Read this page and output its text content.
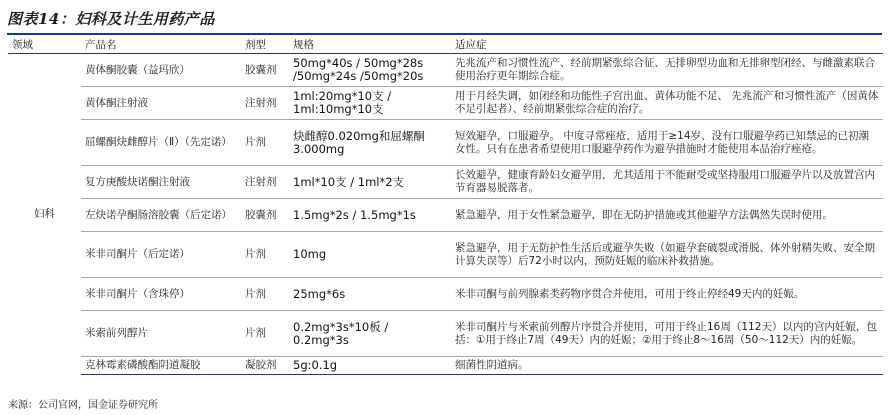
图表14：妇科及计生用药产品
领域	产品名	剂型	规格	适应症
妇科	黄体酮胶囊（益玛欣）	胶囊剂	50mg*40s / 50mg*28s /50mg*24s /50mg*20s	先兆流产和习惯性流产、经前期紧张综合征、无排卵型功血和无排卵型闭经、与雌激素联合使用治疗更年期综合症。
	黄体酮注射液	注射剂	1ml:20mg*10支 / 1ml:10mg*10支	用于月经失调，如闭经和功能性子宫出血、黄体功能不足、 先兆流产和习惯性流产（因黄体不足引起者）、经前期紧张综合症的治疗。
	屈螺酮炔雌醇片（Ⅱ）（先定诺）	片剂	炔雌醇0.020mg和屈螺酮3.000mg	短效避孕，口服避孕。 中度寻常痤疮，适用于≥14岁、没有口服避孕药已知禁忌的已初潮女性。只有在患者希望使用口服避孕药作为避孕措施时才能使用本品治疗痤疮。
	复方庚酸炔诺酮注射液	注射剂	1ml*10支 / 1ml*2支	长效避孕，健康育龄妇女避孕用，尤其适用于不能耐受或坚持服用口服避孕片以及放置宫内节育器易脱落者。
	左炔诺孕酮肠溶胶囊（后定诺）	胶囊剂	1.5mg*2s / 1.5mg*1s	紧急避孕，用于女性紧急避孕，即在无防护措施或其他避孕方法偶然失误时使用。
	米非司酮片（后定诺）	片剂	10mg	紧急避孕，用于无防护性生活后或避孕失败（如避孕套破裂或滑脱、体外射精失败、安全期计算失误等）后72小时以内，预防妊娠的临床补救措施。
	米非司酮片（含珠停）	片剂	25mg*6s	米非司酮与前列腺素类药物序贯合并使用，可用于终止停经49天内的妊娠。
	米索前列醇片	片剂	0.2mg*3s*10板 / 0.2mg*3s	米非司酮片与米索前列醇片序贯合并使用，可用于终止16周（112天）以内的宫内妊娠，包括：①用于终止7周（49天）内的妊娠；②用于终止8～16周（50～112天）内的妊娠。
	克林霉素磷酸酯阴道凝胶	凝胶剂	5g:0.1g	细菌性阴道病。
来源：公司官网，国金证券研究所
